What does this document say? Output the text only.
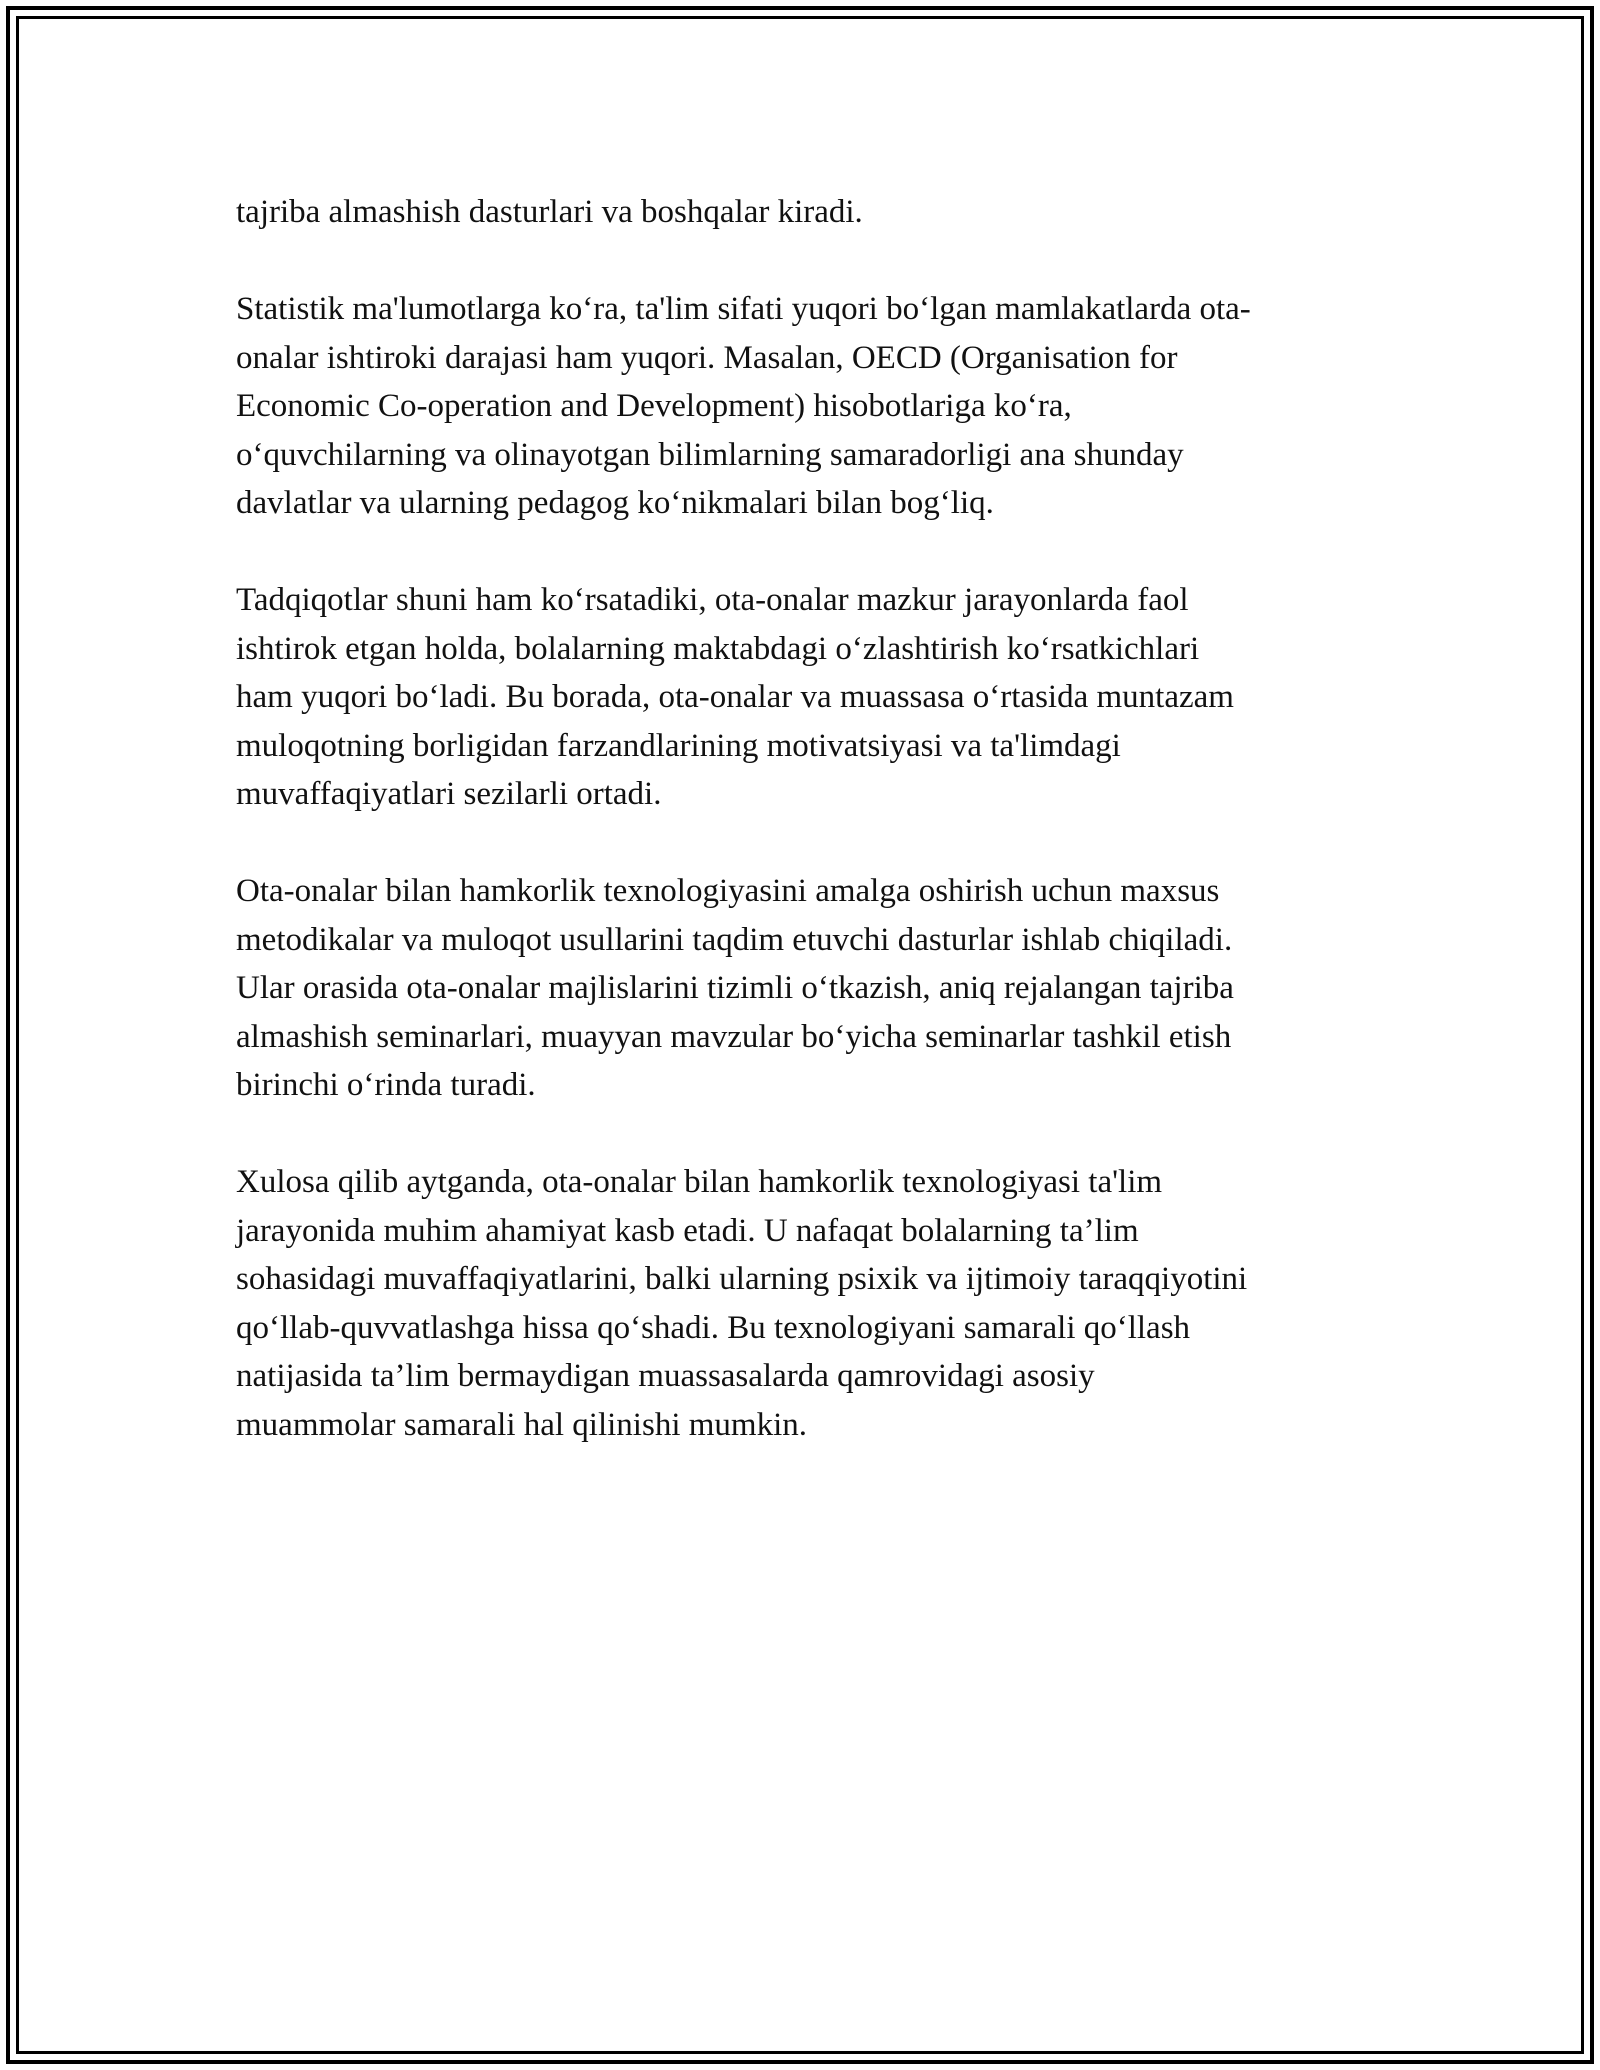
tajriba almashish dasturlari va boshqalar kiradi.

Statistik ma'lumotlarga ko‘ra, ta'lim sifati yuqori bo‘lgan mamlakatlarda ota-
onalar ishtiroki darajasi ham yuqori. Masalan, OECD (Organisation for
Economic Co-operation and Development) hisobotlariga ko‘ra,
o‘quvchilarning va olinayotgan bilimlarning samaradorligi ana shunday
davlatlar va ularning pedagog ko‘nikmalari bilan bog‘liq.

Tadqiqotlar shuni ham ko‘rsatadiki, ota-onalar mazkur jarayonlarda faol
ishtirok etgan holda, bolalarning maktabdagi o‘zlashtirish ko‘rsatkichlari
ham yuqori bo‘ladi. Bu borada, ota-onalar va muassasa o‘rtasida muntazam
muloqotning borligidan farzandlarining motivatsiyasi va ta'limdagi
muvaffaqiyatlari sezilarli ortadi.

Ota-onalar bilan hamkorlik texnologiyasini amalga oshirish uchun maxsus
metodikalar va muloqot usullarini taqdim etuvchi dasturlar ishlab chiqiladi.
Ular orasida ota-onalar majlislarini tizimli o‘tkazish, aniq rejalangan tajriba
almashish seminarlari, muayyan mavzular bo‘yicha seminarlar tashkil etish
birinchi o‘rinda turadi.

Xulosa qilib aytganda, ota-onalar bilan hamkorlik texnologiyasi ta'lim
jarayonida muhim ahamiyat kasb etadi. U nafaqat bolalarning ta’lim
sohasidagi muvaffaqiyatlarini, balki ularning psixik va ijtimoiy taraqqiyotini
qo‘llab-quvvatlashga hissa qo‘shadi. Bu texnologiyani samarali qo‘llash
natijasida ta’lim bermaydigan muassasalarda qamrovidagi asosiy
muammolar samarali hal qilinishi mumkin.
